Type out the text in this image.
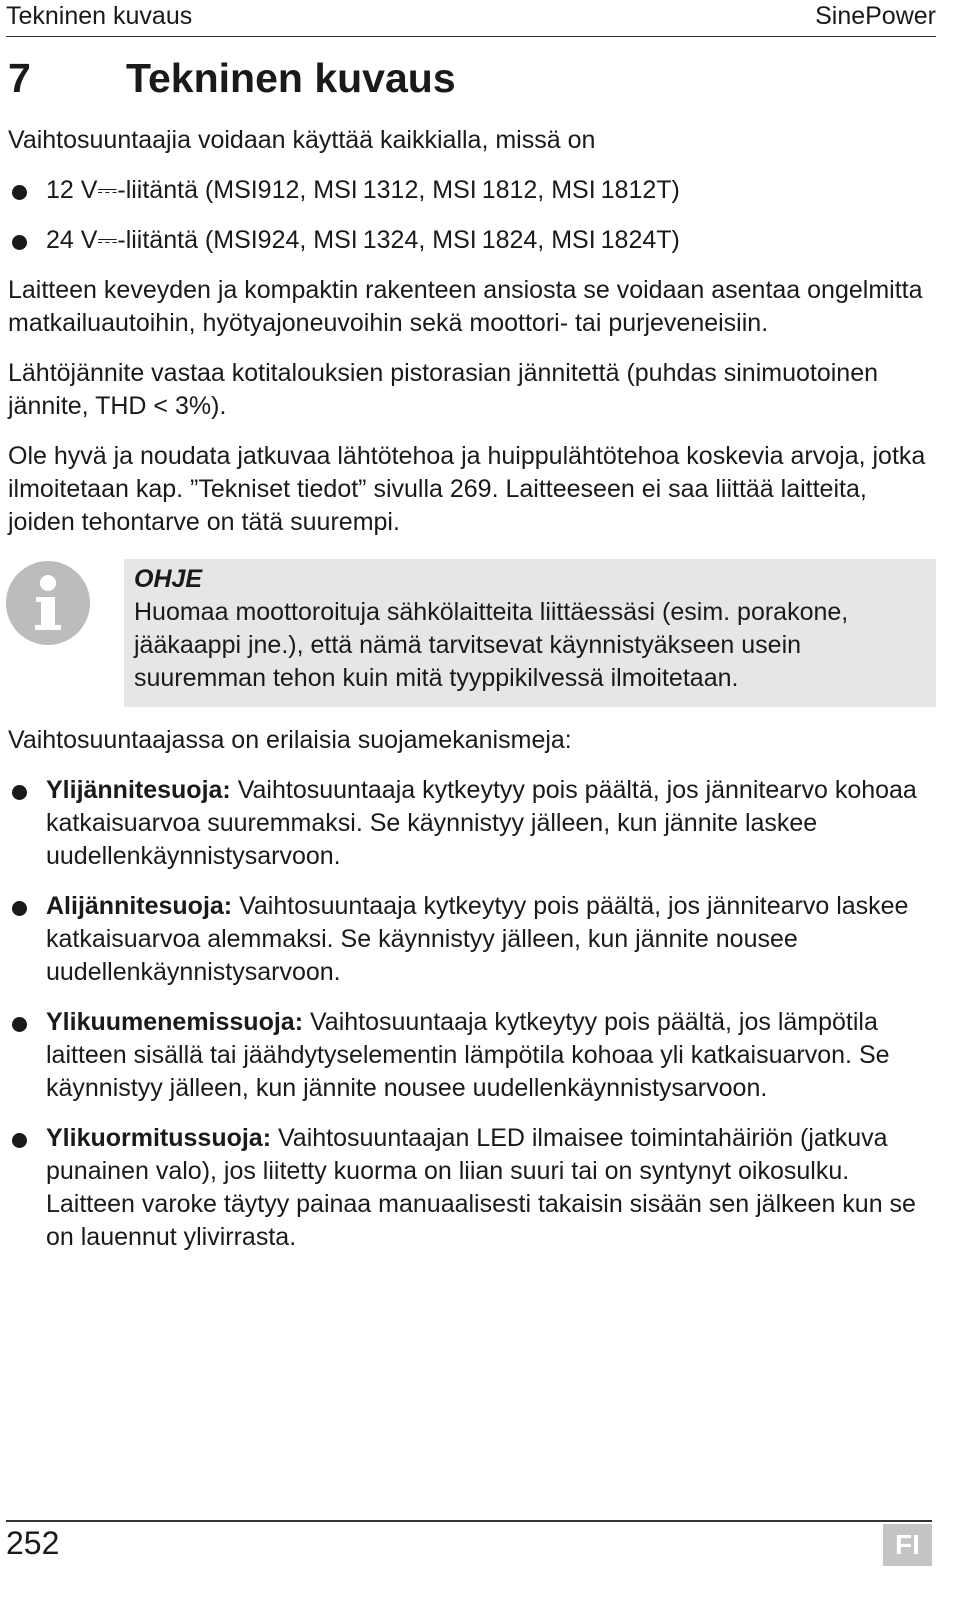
Tekninen kuvaus	SinePower
7 Tekninen kuvaus

Vaihtosuuntaajia voidaan käyttää kaikkialla, missä on

12 V⎓-liitäntä (MSI912, MSI 1312, MSI 1812, MSI 1812T)
24 V⎓-liitäntä (MSI924, MSI 1324, MSI 1824, MSI 1824T)

Laitteen keveyden ja kompaktin rakenteen ansiosta se voidaan asentaa ongelmitta matkailuautoihin, hyötyajoneuvoihin sekä moottori- tai purjeveneisiin.

Lähtöjännite vastaa kotitalouksien pistorasian jännitettä (puhdas sinimuotoinen jännite, THD < 3%).

Ole hyvä ja noudata jatkuvaa lähtötehoa ja huippulähtötehoa koskevia arvoja, jotka ilmoitetaan kap. ”Tekniset tiedot” sivulla 269. Laitteeseen ei saa liittää laitteita, joiden tehontarve on tätä suurempi.

OHJE
Huomaa moottoroituja sähkölaitteita liittäessäsi (esim. porakone, jääkaappi jne.), että nämä tarvitsevat käynnistyäkseen usein suuremman tehon kuin mitä tyyppikilvessä ilmoitetaan.

Vaihtosuuntaajassa on erilaisia suojamekanismeja:

Ylijännitesuoja: Vaihtosuuntaaja kytkeytyy pois päältä, jos jännitearvo kohoaa katkaisuarvoa suuremmaksi. Se käynnistyy jälleen, kun jännite laskee uudellenkäynnistysarvoon.
Alijännitesuoja: Vaihtosuuntaaja kytkeytyy pois päältä, jos jännitearvo laskee katkaisuarvoa alemmaksi. Se käynnistyy jälleen, kun jännite nousee uudellenkäynnistysarvoon.
Ylikuumenemissuoja: Vaihtosuuntaaja kytkeytyy pois päältä, jos lämpötila laitteen sisällä tai jäähdytyselementin lämpötila kohoaa yli katkaisuarvon. Se käynnistyy jälleen, kun jännite nousee uudellenkäynnistysarvoon.
Ylikuormitussuoja: Vaihtosuuntaajan LED ilmaisee toimintahäiriön (jatkuva punainen valo), jos liitetty kuorma on liian suuri tai on syntynyt oikosulku. Laitteen varoke täytyy painaa manuaalisesti takaisin sisään sen jälkeen kun se on lauennut ylivirrasta.
252	FI
